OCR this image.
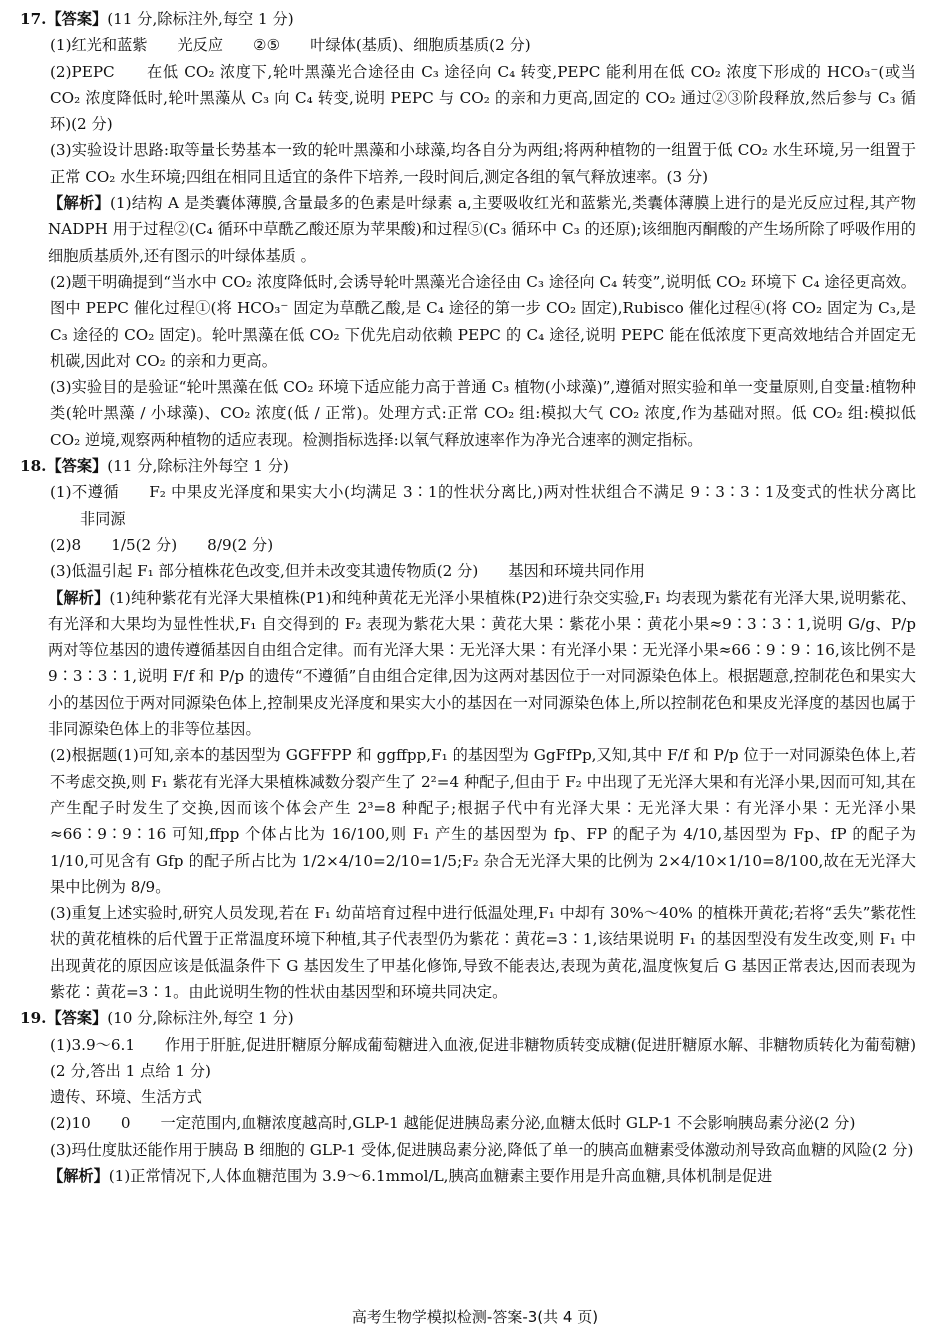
17.【答案】(11 分,除标注外,每空 1 分)

(1)红光和蓝紫 光反应 ②⑤ 叶绿体(基质)、细胞质基质(2 分)

(2)PEPC　　在低 CO₂ 浓度下,轮叶黑藻光合途径由 C₃ 途径向 C₄ 转变,PEPC 能利用在低 CO₂ 浓度下形成的 HCO₃⁻(或当 CO₂ 浓度降低时,轮叶黑藻从 C₃ 向 C₄ 转变,说明 PEPC 与 CO₂ 的亲和力更高,固定的 CO₂ 通过②③阶段释放,然后参与 C₃ 循环)(2 分)

(3)实验设计思路:取等量长势基本一致的轮叶黑藻和小球藻,均各自分为两组;将两种植物的一组置于低 CO₂ 水生环境,另一组置于正常 CO₂ 水生环境;四组在相同且适宜的条件下培养,一段时间后,测定各组的氧气释放速率。(3 分)

【解析】(1)结构 A 是类囊体薄膜,含量最多的色素是叶绿素 a,主要吸收红光和蓝紫光,类囊体薄膜上进行的是光反应过程,其产物 NADPH 用于过程②(C₄ 循环中草酰乙酸还原为苹果酸)和过程⑤(C₃ 循环中 C₃ 的还原);该细胞丙酮酸的产生场所除了呼吸作用的细胞质基质外,还有图示的叶绿体基质 。

(2)题干明确提到“当水中 CO₂ 浓度降低时,会诱导轮叶黑藻光合途径由 C₃ 途径向 C₄ 转变”,说明低 CO₂ 环境下 C₄ 途径更高效。图中 PEPC 催化过程①(将 HCO₃⁻ 固定为草酰乙酸,是 C₄ 途径的第一步 CO₂ 固定),Rubisco 催化过程④(将 CO₂ 固定为 C₃,是 C₃ 途径的 CO₂ 固定)。轮叶黑藻在低 CO₂ 下优先启动依赖 PEPC 的 C₄ 途径,说明 PEPC 能在低浓度下更高效地结合并固定无机碳,因此对 CO₂ 的亲和力更高。

(3)实验目的是验证“轮叶黑藻在低 CO₂ 环境下适应能力高于普通 C₃ 植物(小球藻)”,遵循对照实验和单一变量原则,自变量:植物种类(轮叶黑藻 / 小球藻)、CO₂ 浓度(低 / 正常)。处理方式:正常 CO₂ 组:模拟大气 CO₂ 浓度,作为基础对照。低 CO₂ 组:模拟低 CO₂ 逆境,观察两种植物的适应表现。检测指标选择:以氧气释放速率作为净光合速率的测定指标。

18.【答案】(11 分,除标注外每空 1 分)

(1)不遵循 F₂ 中果皮光泽度和果实大小(均满足 3∶1的性状分离比,)两对性状组合不满足 9∶3∶3∶1及变式的性状分离比非同源

(2)8 1/5(2 分) 8/9(2 分)

(3)低温引起 F₁ 部分植株花色改变,但并未改变其遗传物质(2 分) 基因和环境共同作用

【解析】(1)纯种紫花有光泽大果植株(P1)和纯种黄花无光泽小果植株(P2)进行杂交实验,F₁ 均表现为紫花有光泽大果,说明紫花、有光泽和大果均为显性性状,F₁ 自交得到的 F₂ 表现为紫花大果∶黄花大果∶紫花小果∶黄花小果≈9∶3∶3∶1,说明 G/g、P/p 两对等位基因的遗传遵循基因自由组合定律。而有光泽大果∶无光泽大果∶有光泽小果∶无光泽小果≈66∶9∶9∶16,该比例不是 9∶3∶3∶1,说明 F/f 和 P/p 的遗传“不遵循”自由组合定律,因为这两对基因位于一对同源染色体上。根据题意,控制花色和果实大小的基因位于两对同源染色体上,控制果皮光泽度和果实大小的基因在一对同源染色体上,所以控制花色和果皮光泽度的基因也属于非同源染色体上的非等位基因。

(2)根据题(1)可知,亲本的基因型为 GGFFPP 和 ggffpp,F₁ 的基因型为 GgFfPp,又知,其中 F/f 和 P/p 位于一对同源染色体上,若不考虑交换,则 F₁ 紫花有光泽大果植株减数分裂产生了 2²=4 种配子,但由于 F₂ 中出现了无光泽大果和有光泽小果,因而可知,其在产生配子时发生了交换,因而该个体会产生 2³=8 种配子;根据子代中有光泽大果∶无光泽大果∶有光泽小果∶无光泽小果≈66∶9∶9∶16 可知,ffpp 个体占比为 16/100,则 F₁ 产生的基因型为 fp、FP 的配子为 4/10,基因型为 Fp、fP 的配子为 1/10,可见含有 Gfp 的配子所占比为 1/2×4/10=2/10=1/5;F₂ 杂合无光泽大果的比例为 2×4/10×1/10=8/100,故在无光泽大果中比例为 8/9。

(3)重复上述实验时,研究人员发现,若在 F₁ 幼苗培育过程中进行低温处理,F₁ 中却有 30%～40% 的植株开黄花;若将“丢失”紫花性状的黄花植株的后代置于正常温度环境下种植,其子代表型仍为紫花∶黄花=3∶1,该结果说明 F₁ 的基因型没有发生改变,则 F₁ 中出现黄花的原因应该是低温条件下 G 基因发生了甲基化修饰,导致不能表达,表现为黄花,温度恢复后 G 基因正常表达,因而表现为紫花∶黄花=3∶1。由此说明生物的性状由基因型和环境共同决定。

19.【答案】(10 分,除标注外,每空 1 分)

(1)3.9～6.1 作用于肝脏,促进肝糖原分解成葡萄糖进入血液,促进非糖物质转变成糖(促进肝糖原水解、非糖物质转化为葡萄糖)(2 分,答出 1 点给 1 分)

遗传、环境、生活方式

(2)10 0 一定范围内,血糖浓度越高时,GLP-1 越能促进胰岛素分泌,血糖太低时 GLP-1 不会影响胰岛素分泌(2 分)

(3)玛仕度肽还能作用于胰岛 B 细胞的 GLP-1 受体,促进胰岛素分泌,降低了单一的胰高血糖素受体激动剂导致高血糖的风险(2 分)

【解析】(1)正常情况下,人体血糖范围为 3.9～6.1mmol/L,胰高血糖素主要作用是升高血糖,具体机制是促进

高考生物学模拟检测-答案-3(共 4 页)
